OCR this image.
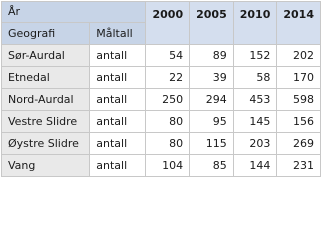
År		2000	2005	2010	2014
Geografi	Måltall				
Sør-Aurdal	antall	54	89	152	202
Etnedal	antall	22	39	58	170
Nord-Aurdal	antall	250	294	453	598
Vestre Slidre	antall	80	95	145	156
Øystre Slidre	antall	80	115	203	269
Vang	antall	104	85	144	231
